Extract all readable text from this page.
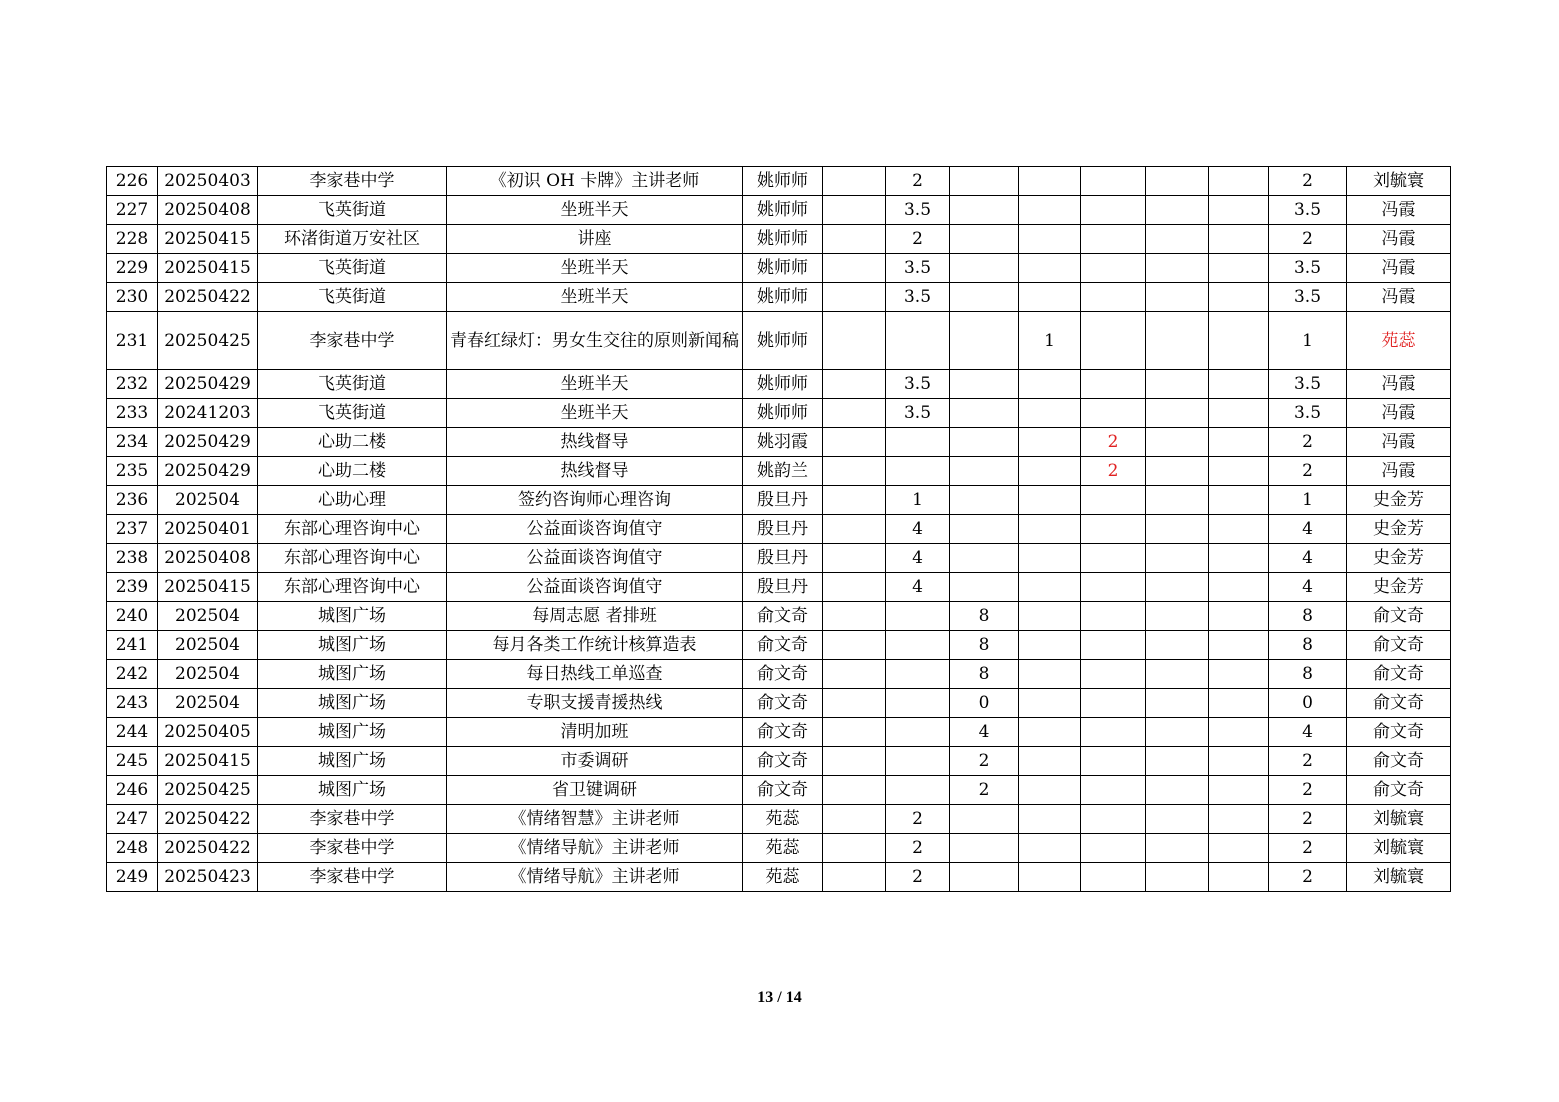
226	20250403	李家巷中学	《初识 OH 卡牌》主讲老师	姚师师		2						2	刘毓寰
227	20250408	飞英街道	坐班半天	姚师师		3.5						3.5	冯霞
228	20250415	环渚街道万安社区	讲座	姚师师		2						2	冯霞
229	20250415	飞英街道	坐班半天	姚师师		3.5						3.5	冯霞
230	20250422	飞英街道	坐班半天	姚师师		3.5						3.5	冯霞
231	20250425	李家巷中学	青春红绿灯：男女生交往的原则新闻稿	姚师师				1				1	苑蕊
232	20250429	飞英街道	坐班半天	姚师师		3.5						3.5	冯霞
233	20241203	飞英街道	坐班半天	姚师师		3.5						3.5	冯霞
234	20250429	心助二楼	热线督导	姚羽霞					2			2	冯霞
235	20250429	心助二楼	热线督导	姚韵兰					2			2	冯霞
236	202504	心助心理	签约咨询师心理咨询	殷旦丹		1						1	史金芳
237	20250401	东部心理咨询中心	公益面谈咨询值守	殷旦丹		4						4	史金芳
238	20250408	东部心理咨询中心	公益面谈咨询值守	殷旦丹		4						4	史金芳
239	20250415	东部心理咨询中心	公益面谈咨询值守	殷旦丹		4						4	史金芳
240	202504	城图广场	每周志愿 者排班	俞文奇			8					8	俞文奇
241	202504	城图广场	每月各类工作统计核算造表	俞文奇			8					8	俞文奇
242	202504	城图广场	每日热线工单巡查	俞文奇			8					8	俞文奇
243	202504	城图广场	专职支援青援热线	俞文奇			0					0	俞文奇
244	20250405	城图广场	清明加班	俞文奇			4					4	俞文奇
245	20250415	城图广场	市委调研	俞文奇			2					2	俞文奇
246	20250425	城图广场	省卫键调研	俞文奇			2					2	俞文奇
247	20250422	李家巷中学	《情绪智慧》主讲老师	苑蕊		2						2	刘毓寰
248	20250422	李家巷中学	《情绪导航》主讲老师	苑蕊		2						2	刘毓寰
249	20250423	李家巷中学	《情绪导航》主讲老师	苑蕊		2						2	刘毓寰
13 / 14
